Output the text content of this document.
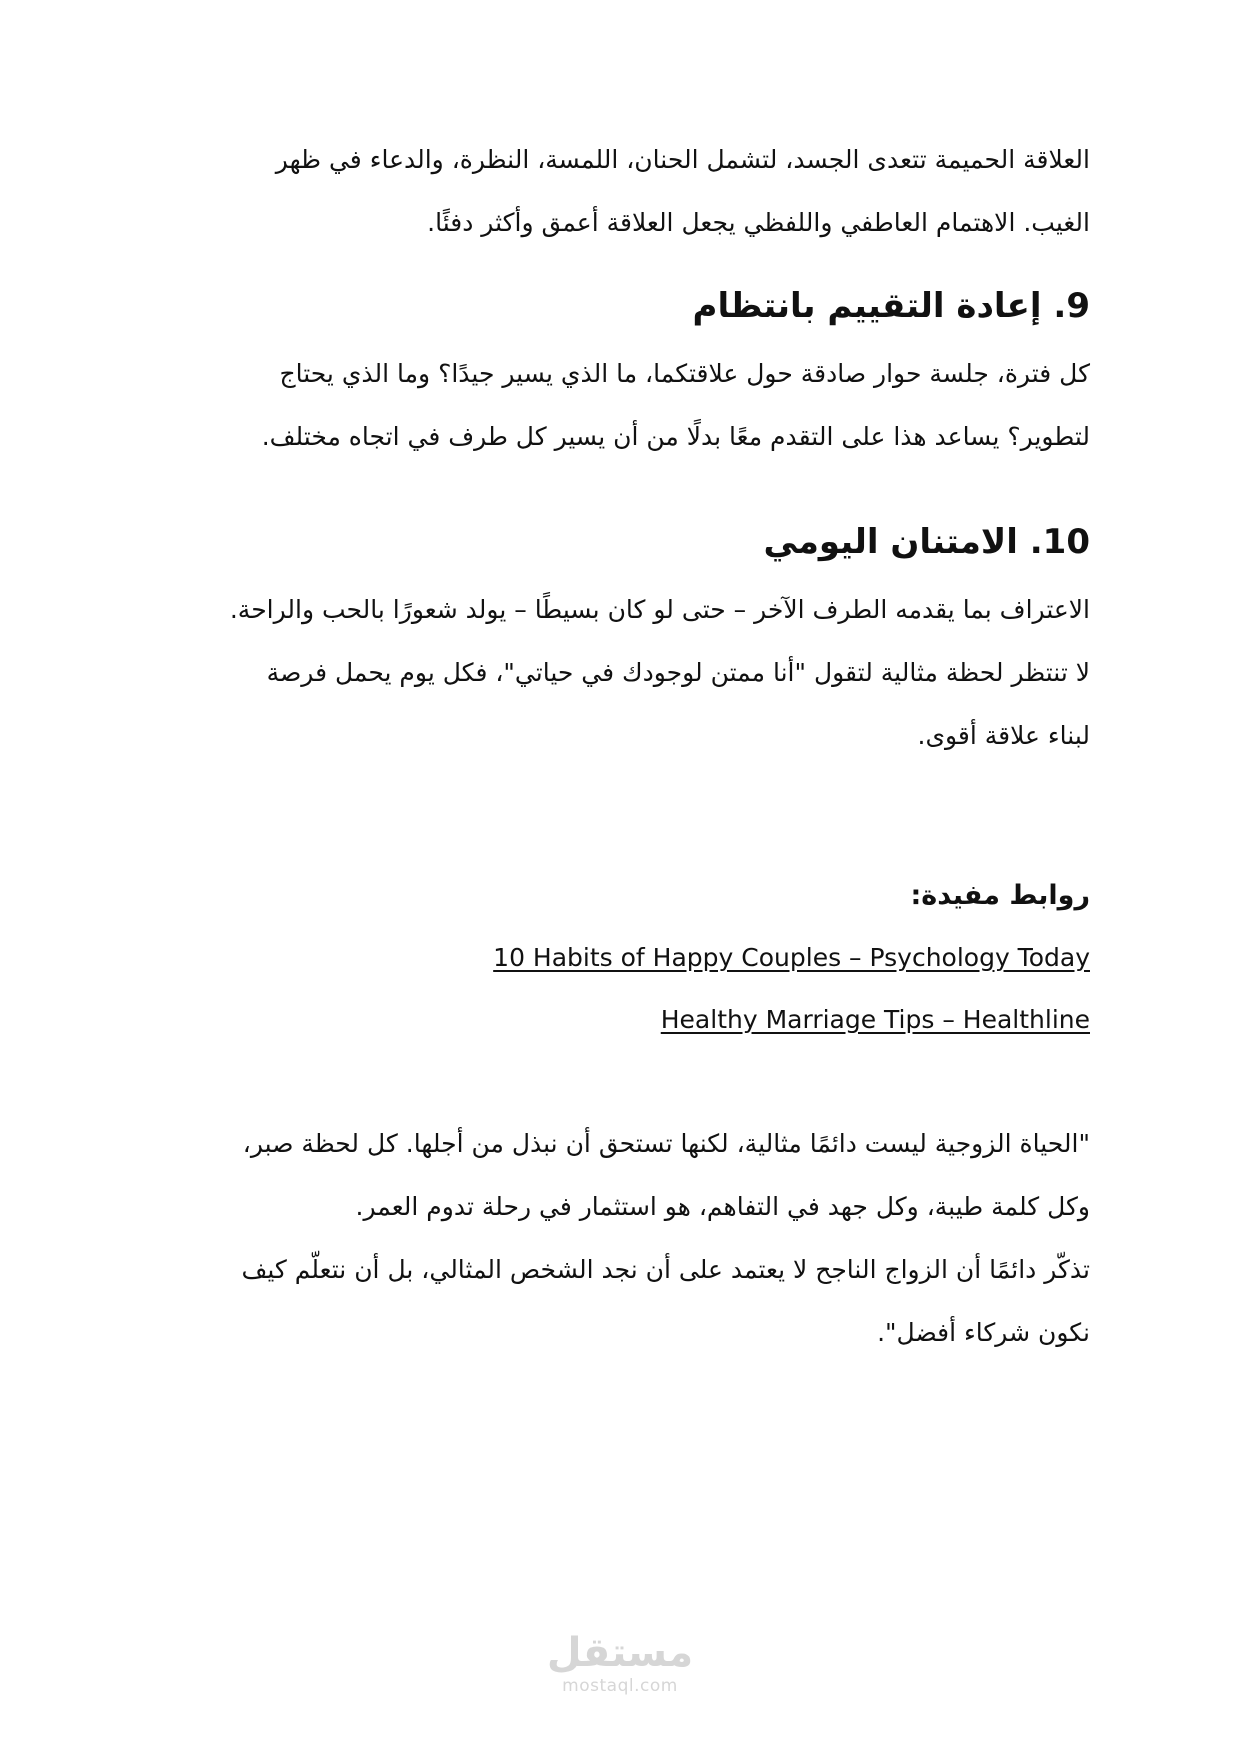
العلاقة الحميمة تتعدى الجسد، لتشمل الحنان، اللمسة، النظرة، والدعاء في ظهر
الغيب. الاهتمام العاطفي واللفظي يجعل العلاقة أعمق وأكثر دفئًا.

9. إعادة التقييم بانتظام

كل فترة، جلسة حوار صادقة حول علاقتكما، ما الذي يسير جيدًا؟ وما الذي يحتاج
لتطوير؟ يساعد هذا على التقدم معًا بدلًا من أن يسير كل طرف في اتجاه مختلف.

10. الامتنان اليومي

الاعتراف بما يقدمه الطرف الآخر – حتى لو كان بسيطًا – يولد شعورًا بالحب والراحة.
لا تنتظر لحظة مثالية لتقول "أنا ممتن لوجودك في حياتي"، فكل يوم يحمل فرصة
لبناء علاقة أقوى.

روابط مفيدة:
10 Habits of Happy Couples – Psychology Today
Healthy Marriage Tips – Healthline

"الحياة الزوجية ليست دائمًا مثالية، لكنها تستحق أن نبذل من أجلها. كل لحظة صبر،
وكل كلمة طيبة، وكل جهد في التفاهم، هو استثمار في رحلة تدوم العمر.
تذكّر دائمًا أن الزواج الناجح لا يعتمد على أن نجد الشخص المثالي، بل أن نتعلّم كيف
نكون شركاء أفضل".

مستقل
mostaql.com
